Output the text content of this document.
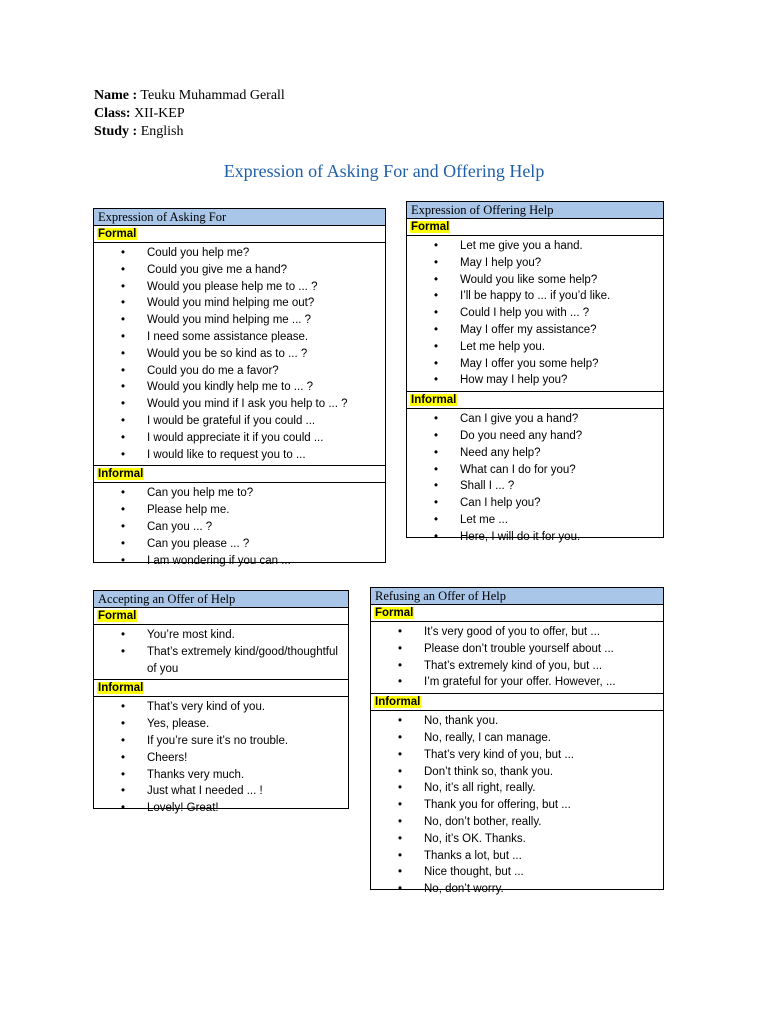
Name : Teuku Muhammad Gerall
Class: XII-KEP
Study : English
Expression of Asking For and Offering Help
Expression of Asking For
Formal
• Could you help me?
• Could you give me a hand?
• Would you please help me to ... ?
• Would you mind helping me out?
• Would you mind helping me ... ?
• I need some assistance please.
• Would you be so kind as to ... ?
• Could you do me a favor?
• Would you kindly help me to ... ?
• Would you mind if I ask you help to ... ?
• I would be grateful if you could ...
• I would appreciate it if you could ...
• I would like to request you to ...
Informal
• Can you help me to?
• Please help me.
• Can you ... ?
• Can you please ... ?
• I am wondering if you can ...
Expression of Offering Help
Formal
• Let me give you a hand.
• May I help you?
• Would you like some help?
• I’ll be happy to ... if you’d like.
• Could I help you with ... ?
• May I offer my assistance?
• Let me help you.
• May I offer you some help?
• How may I help you?
Informal
• Can I give you a hand?
• Do you need any hand?
• Need any help?
• What can I do for you?
• Shall I ... ?
• Can I help you?
• Let me ...
• Here, I will do it for you.
Accepting an Offer of Help
Formal
• You’re most kind.
• That’s extremely kind/good/thoughtful of you
Informal
• That’s very kind of you.
• Yes, please.
• If you’re sure it’s no trouble.
• Cheers!
• Thanks very much.
• Just what I needed ... !
• Lovely! Great!
Refusing an Offer of Help
Formal
• It’s very good of you to offer, but ...
• Please don’t trouble yourself about ...
• That’s extremely kind of you, but ...
• I’m grateful for your offer. However, ...
Informal
• No, thank you.
• No, really, I can manage.
• That’s very kind of you, but ...
• Don’t think so, thank you.
• No, it’s all right, really.
• Thank you for offering, but ...
• No, don’t bother, really.
• No, it’s OK. Thanks.
• Thanks a lot, but ...
• Nice thought, but ...
• No, don’t worry.
